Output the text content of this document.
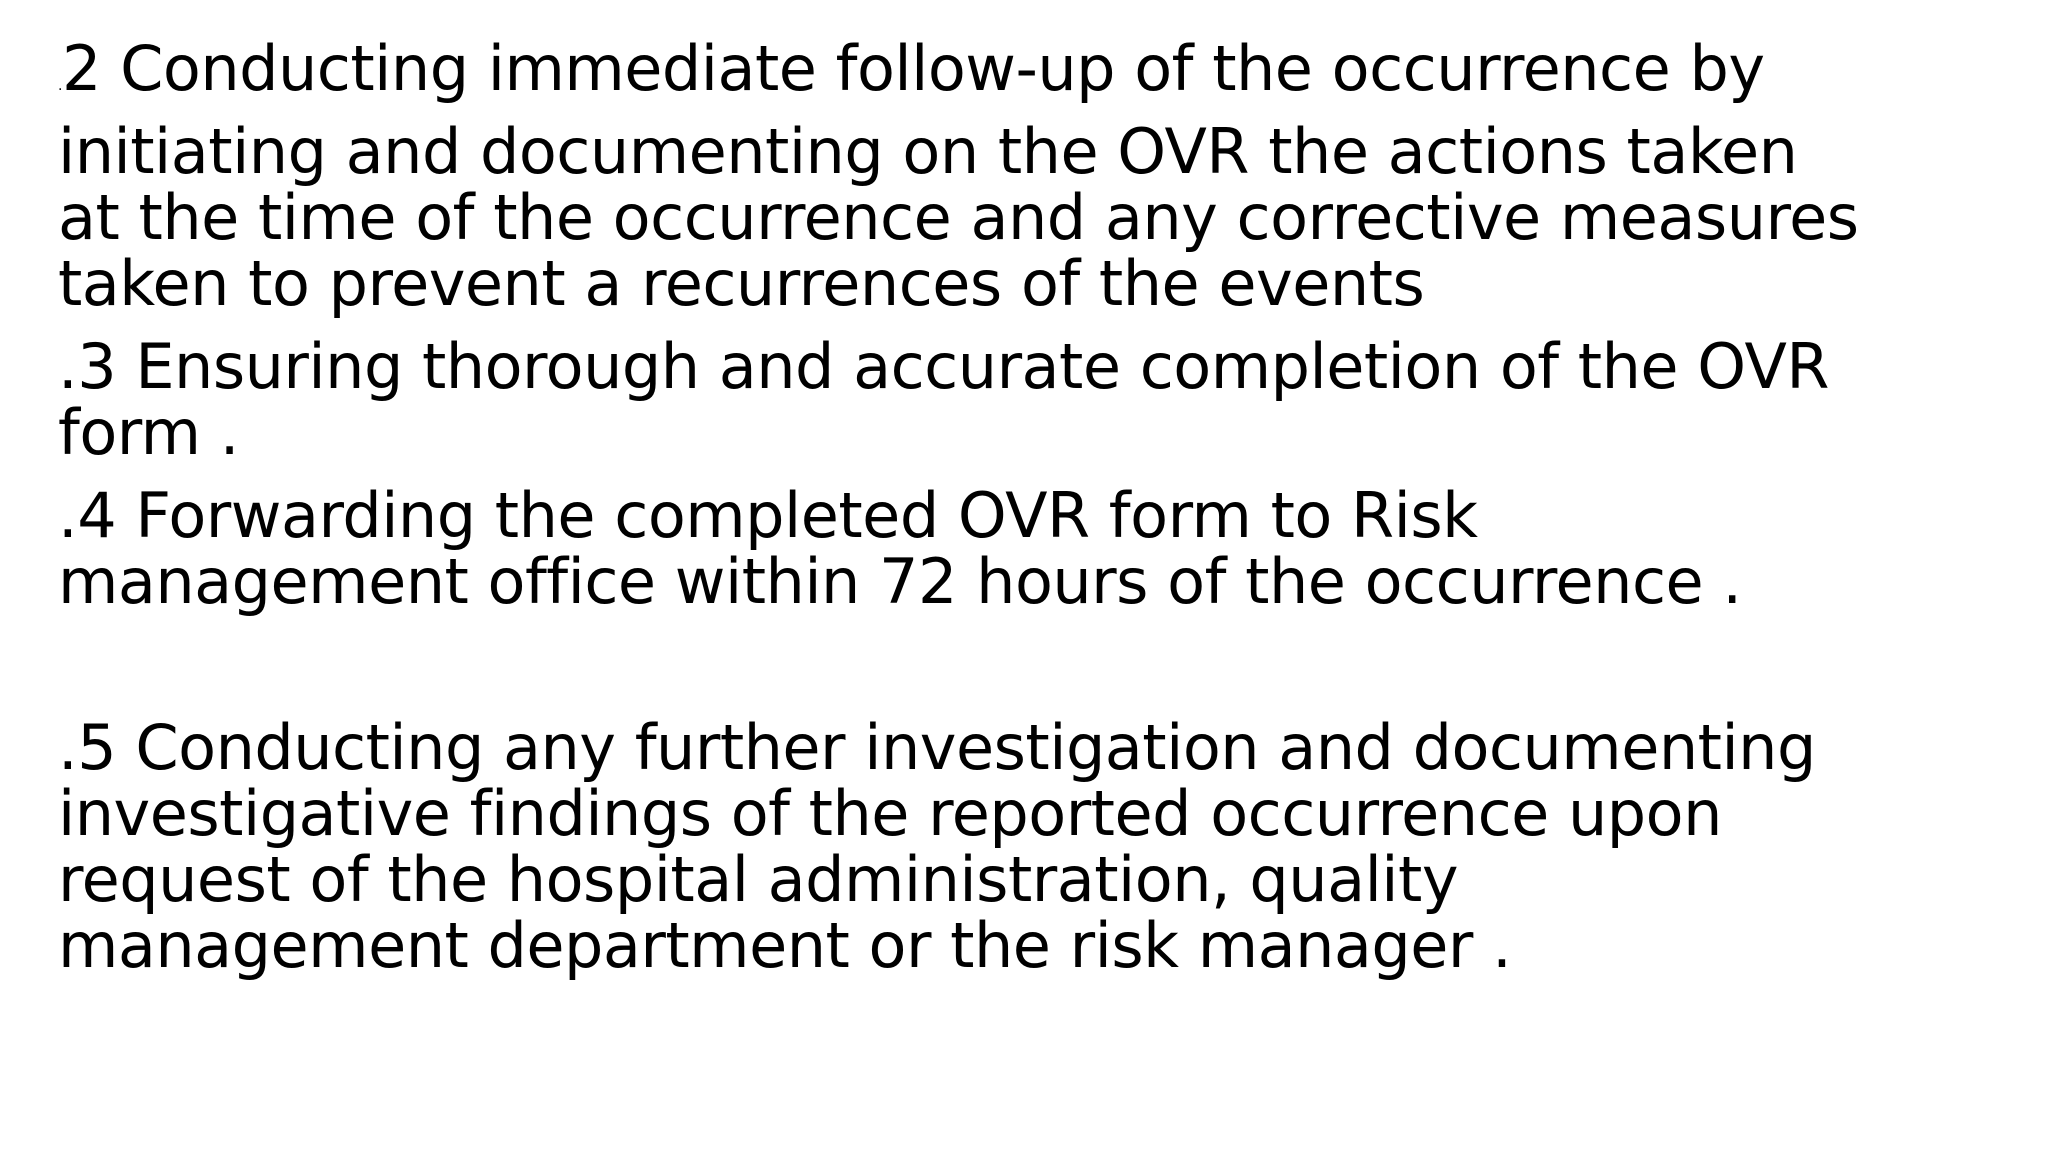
.2 Conducting immediate follow-up of the occurrence by
initiating and documenting on the OVR the actions taken
at the time of the occurrence and any corrective measures
taken to prevent a recurrences of the events

.3 Ensuring thorough and accurate completion of the OVR
form .

.4 Forwarding the completed OVR form to Risk
management office within 72 hours of the occurrence .

.5 Conducting any further investigation and documenting
investigative findings of the reported occurrence upon
request of the hospital administration, quality
management department or the risk manager .
